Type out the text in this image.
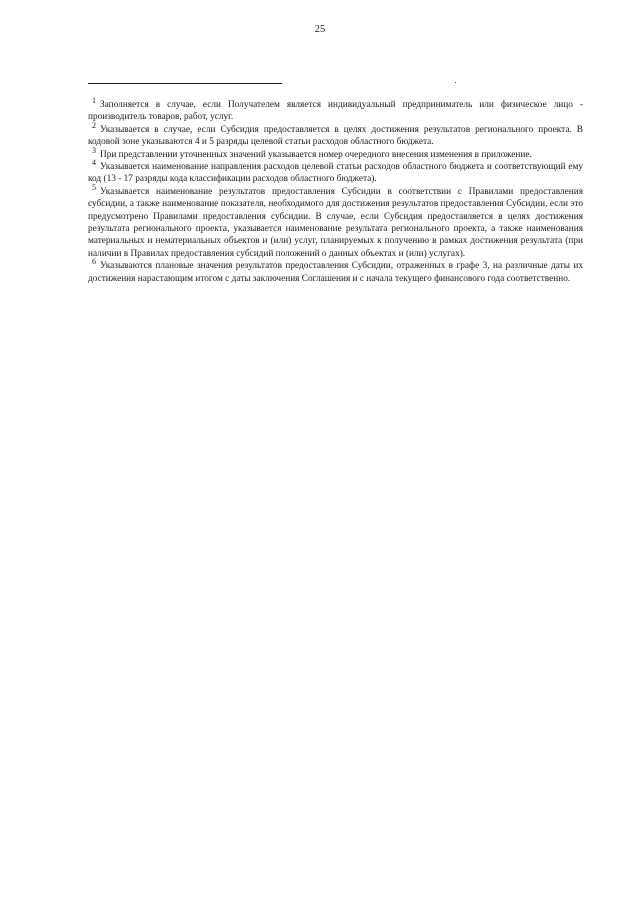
25

$^1$ Заполняется в случае, если Получателем является индивидуальный предприниматель или физическое лицо - производитель товаров, работ, услуг.

$^2$ Указывается в случае, если Субсидия предоставляется в целях достижения результатов регионального проекта. В кодовой зоне указываются 4 и 5 разряды целевой статьи расходов областного бюджета.

$^3$ При представлении уточненных значений указывается номер очередного внесения изменения в приложение.

$^4$ Указывается наименование направления расходов целевой статьи расходов областного бюджета и соответствующий ему код (13 - 17 разряды кода классификации расходов областного бюджета).

$^5$ Указывается наименование результатов предоставления Субсидии в соответствии с Правилами предоставления субсидии, а также наименование показателя, необходимого для достижения результатов предоставления Субсидии, если это предусмотрено Правилами предоставления субсидии. В случае, если Субсидия предоставляется в целях достижения результата регионального проекта, указывается наименование результата регионального проекта, а также наименования материальных и нематериальных объектов и (или) услуг, планируемых к получению в рамках достижения результата (при наличии в Правилах предоставления субсидий положений о данных объектах и (или) услугах).

$^6$ Указываются плановые значения результатов предоставления Субсидии, отраженных в графе 3, на различные даты их достижения нарастающим итогом с даты заключения Соглашения и с начала текущего финансового года соответственно.
